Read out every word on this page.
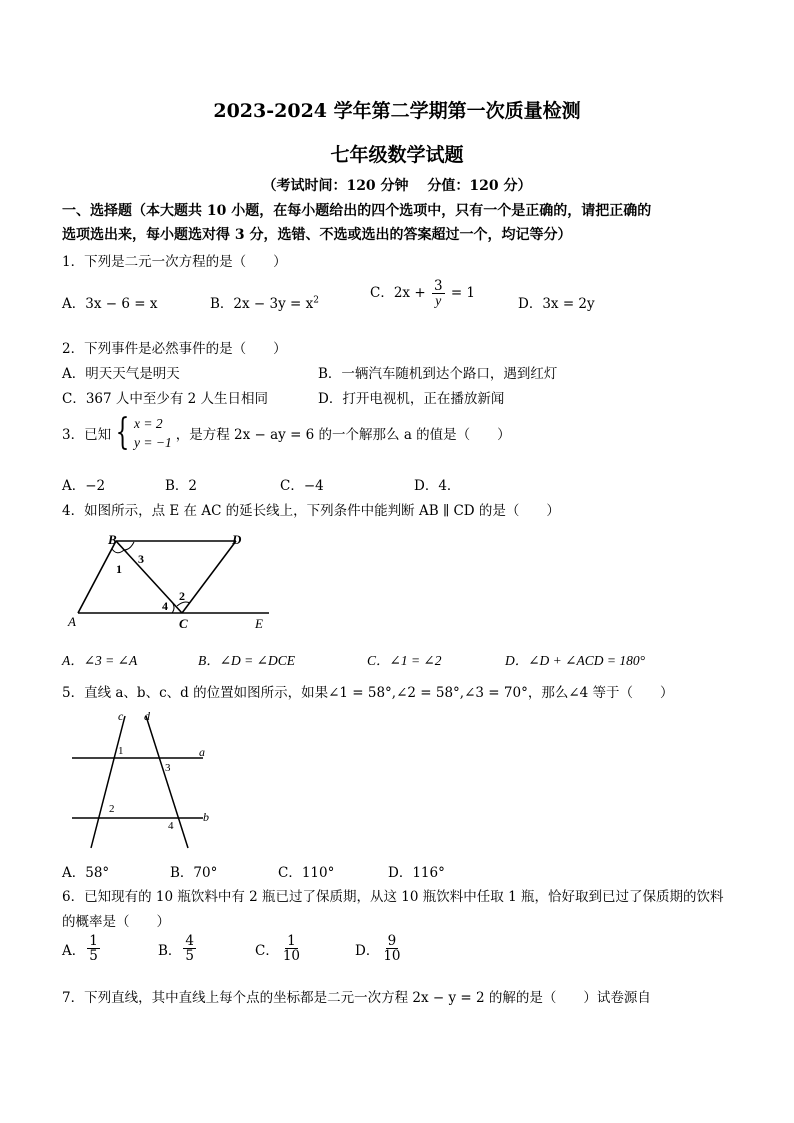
2023-2024 学年第二学期第一次质量检测
七年级数学试题
（考试时间：120 分钟　 分值：120 分）
一、选择题（本大题共 10 小题，在每小题给出的四个选项中，只有一个是正确的，请把正确的
选项选出来，每小题选对得 3 分，选错、不选或选出的答案超过一个，均记等分）
1．下列是二元一次方程的是（　　）
A．3x − 6 = x	B．$2x - 3y = x^2$	C．$2x + \frac{3}{y} = 1$
D．3x = 2y
2．下列事件是必然事件的是（　　）
A．明天天气是明天	B．一辆汽车随机到达个路口，遇到红灯
C．367 人中至少有 2 人生日相同	D．打开电视机，正在播放新闻
3．已知 { x = 2
y = −1 ，是方程 2x − ay = 6 的一个解那么 a 的值是（　　）
A．−2	B．2	C．−4	D．4．
4．如图所示，点 E 在 AC 的延长线上，下列条件中能判断 AB ∥ CD 的是（　　）
B	D
A	C	E
1
2
3
4
A．∠3 = ∠A	B．∠D = ∠DCE	C．∠1 = ∠2	D．∠D + ∠ACD = 180°
5．直线 a、b、c、d 的位置如图所示，如果∠1 = 58°,∠2 = 58°,∠3 = 70°，那么∠4 等于（　　）
c d
a
b
1
2
3
4
A．58°	B．70°	C．110°	D．116°
6．已知现有的 10 瓶饮料中有 2 瓶已过了保质期，从这 10 瓶饮料中任取 1 瓶，恰好取到已过了保质期的饮料
的概率是（　　）
A． $\frac{1}{5}$	B． $\frac{4}{5}$	C． $\frac{1}{10}$	D． $\frac{9}{10}$
7．下列直线，其中直线上每个点的坐标都是二元一次方程 2x − y = 2 的解的是（　　）试卷源自
